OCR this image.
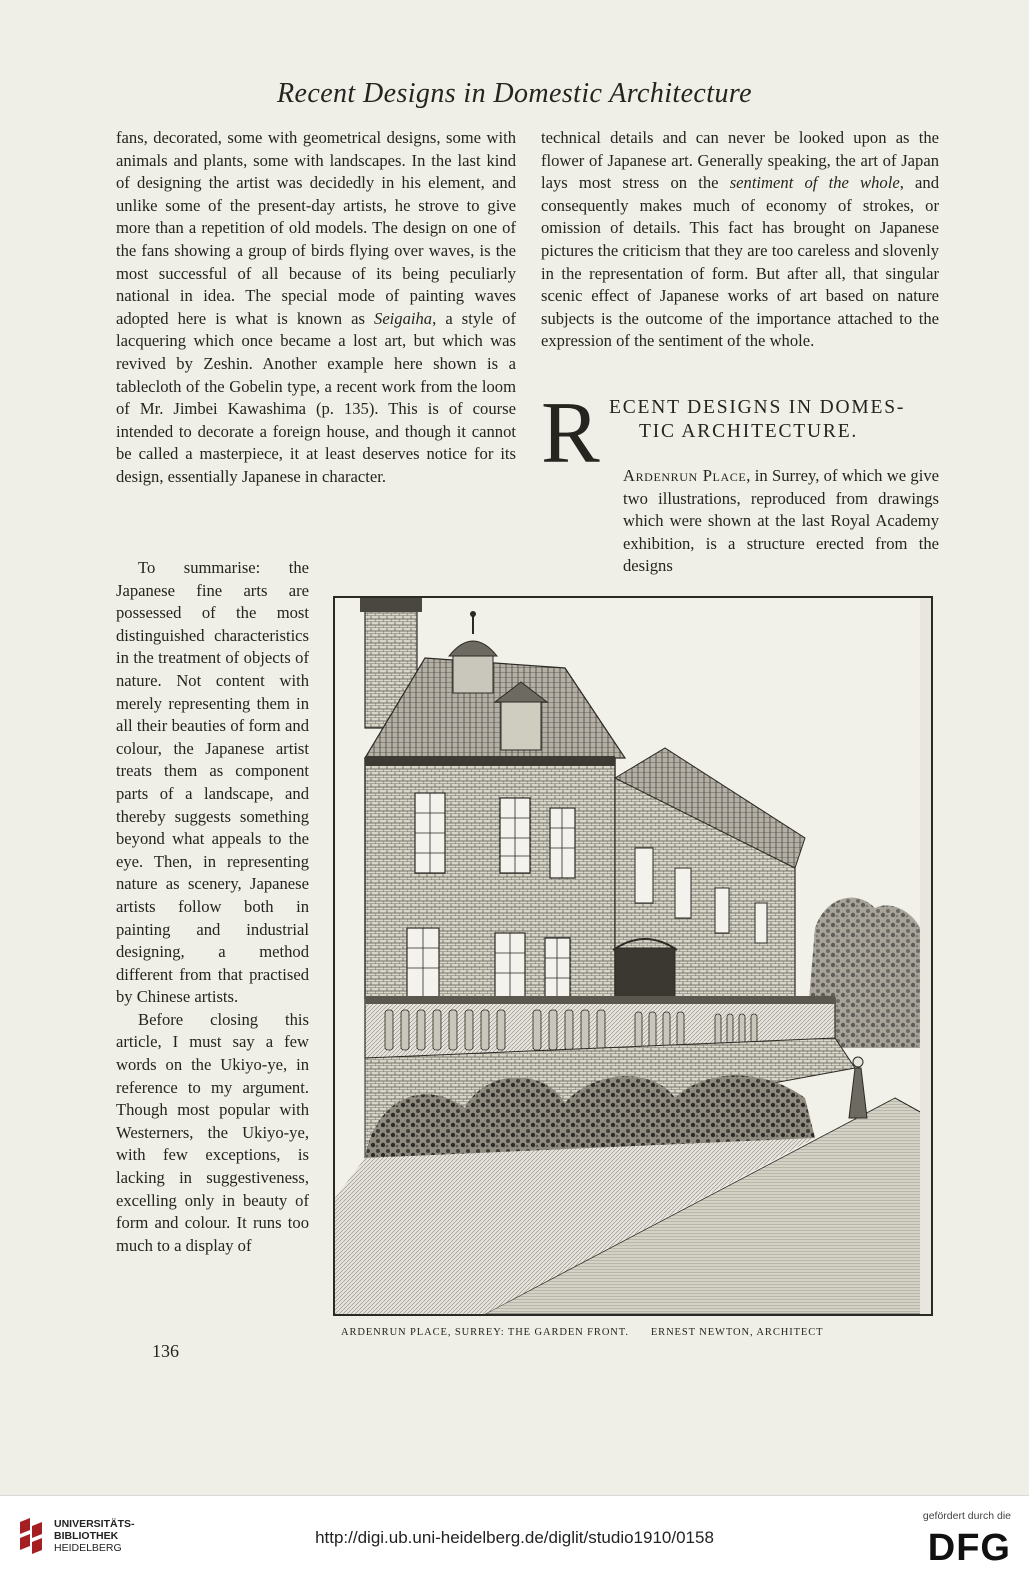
Recent Designs in Domestic Architecture

fans, decorated, some with geometrical designs, some with animals and plants, some with landscapes. In the last kind of designing the artist was decidedly in his element, and unlike some of the present-day artists, he strove to give more than a repetition of old models. The design on one of the fans showing a group of birds flying over waves, is the most successful of all because of its being peculiarly national in idea. The special mode of painting waves adopted here is what is known as Seigaiha, a style of lacquering which once became a lost art, but which was revived by Zeshin. Another example here shown is a tablecloth of the Gobelin type, a recent work from the loom of Mr. Jimbei Kawashima (p. 135). This is of course intended to decorate a foreign house, and though it cannot be called a masterpiece, it at least deserves notice for its design, essentially Japanese in character.

To summarise: the Japanese fine arts are possessed of the most distinguished characteristics in the treatment of objects of nature. Not content with merely representing them in all their beauties of form and colour, the Japanese artist treats them as component parts of a landscape, and thereby suggests something beyond what appeals to the eye. Then, in representing nature as scenery, Japanese artists follow both in painting and industrial designing, a method different from that practised by Chinese artists.

Before closing this article, I must say a few words on the Ukiyo-ye, in reference to my argument. Though most popular with Westerners, the Ukiyo-ye, with few exceptions, is lacking in suggestiveness, excelling only in beauty of form and colour. It runs too much to a display of

technical details and can never be looked upon as the flower of Japanese art. Generally speaking, the art of Japan lays most stress on the sentiment of the whole, and consequently makes much of economy of strokes, or omission of details. This fact has brought on Japanese pictures the criticism that they are too careless and slovenly in the representation of form. But after all, that singular scenic effect of Japanese works of art based on nature subjects is the outcome of the importance attached to the expression of the sentiment of the whole.

R ECENT DESIGNS IN DOMES-
TIC ARCHITECTURE.

Ardenrun Place, in Surrey, of which we give two illustrations, reproduced from drawings which were shown at the last Royal Academy exhibition, is a structure erected from the designs

ARDENRUN PLACE, SURREY: THE GARDEN FRONT. ERNEST NEWTON, ARCHITECT
136
UNIVERSITÄTS-
BIBLIOTHEK
HEIDELBERG
http://digi.ub.uni-heidelberg.de/diglit/studio1910/0158
gefördert durch die
DFG
